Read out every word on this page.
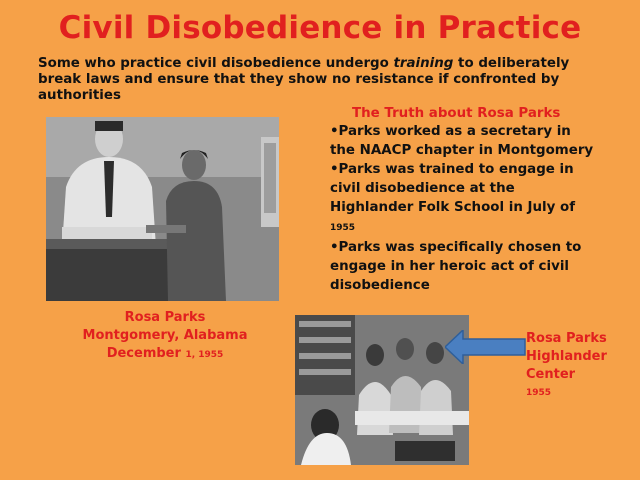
Civil Disobedience in Practice
Some who practice civil disobedience undergo training to deliberately break laws and ensure that they show no resistance if confronted by authorities
The Truth about Rosa Parks
•Parks worked as a secretary in the NAACP chapter in Montgomery
•Parks was trained to engage in civil disobedience at the Highlander Folk School in July of 1955
•Parks was specifically chosen to engage in her heroic act of civil disobedience
Rosa Parks
Montgomery, Alabama
December 1, 1955
Rosa Parks
Highlander
Center
1955
